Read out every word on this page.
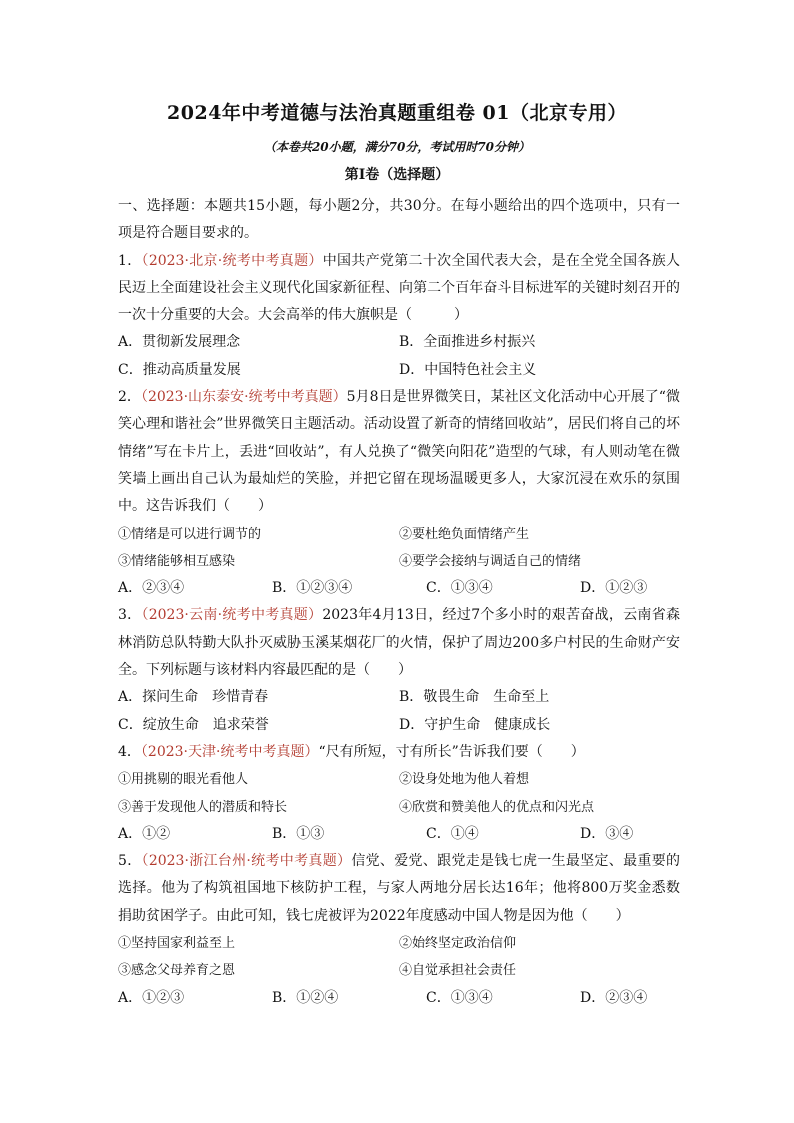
2024年中考道德与法治真题重组卷 01（北京专用）
（本卷共20小题，满分70分，考试用时70分钟）
第Ⅰ卷（选择题）

一、选择题：本题共15小题，每小题2分，共30分。在每小题给出的四个选项中，只有一项是符合题目要求的。

1．（2023·北京·统考中考真题）中国共产党第二十次全国代表大会，是在全党全国各族人民迈上全面建设社会主义现代化国家新征程、向第二个百年奋斗目标进军的关键时刻召开的一次十分重要的大会。大会高举的伟大旗帜是（　　　）

A．贯彻新发展理念	B．全面推进乡村振兴
C．推动高质量发展	D．中国特色社会主义

2．（2023·山东泰安·统考中考真题）5月8日是世界微笑日，某社区文化活动中心开展了“微笑心理和谐社会”世界微笑日主题活动。活动设置了新奇的情绪回收站”，居民们将自己的坏情绪”写在卡片上，丢进“回收站”，有人兑换了“微笑向阳花”造型的气球，有人则动笔在微笑墙上画出自己认为最灿烂的笑脸，并把它留在现场温暖更多人，大家沉浸在欢乐的氛围中。这告诉我们（　　）

①情绪是可以进行调节的	②要杜绝负面情绪产生
③情绪能够相互感染	④要学会接纳与调适自己的情绪
A．②③④	B．①②③④	C．①③④	D．①②③

3．（2023·云南·统考中考真题）2023年4月13日，经过7个多小时的艰苦奋战，云南省森林消防总队特勤大队扑灭威胁玉溪某烟花厂的火情，保护了周边200多户村民的生命财产安全。下列标题与该材料内容最匹配的是（　　）

A．探问生命　珍惜青春	B．敬畏生命　生命至上
C．绽放生命　追求荣誉	D．守护生命　健康成长

4．（2023·天津·统考中考真题）“尺有所短，寸有所长”告诉我们要（　　）

①用挑剔的眼光看他人	②设身处地为他人着想
③善于发现他人的潜质和特长	④欣赏和赞美他人的优点和闪光点
A．①②	B．①③	C．①④	D．③④

5．（2023·浙江台州·统考中考真题）信党、爱党、跟党走是钱七虎一生最坚定、最重要的选择。他为了构筑祖国地下核防护工程，与家人两地分居长达16年；他将800万奖金悉数捐助贫困学子。由此可知，钱七虎被评为2022年度感动中国人物是因为他（　　）

①坚持国家利益至上	②始终坚定政治信仰
③感念父母养育之恩	④自觉承担社会责任
A．①②③	B．①②④	C．①③④	D．②③④
